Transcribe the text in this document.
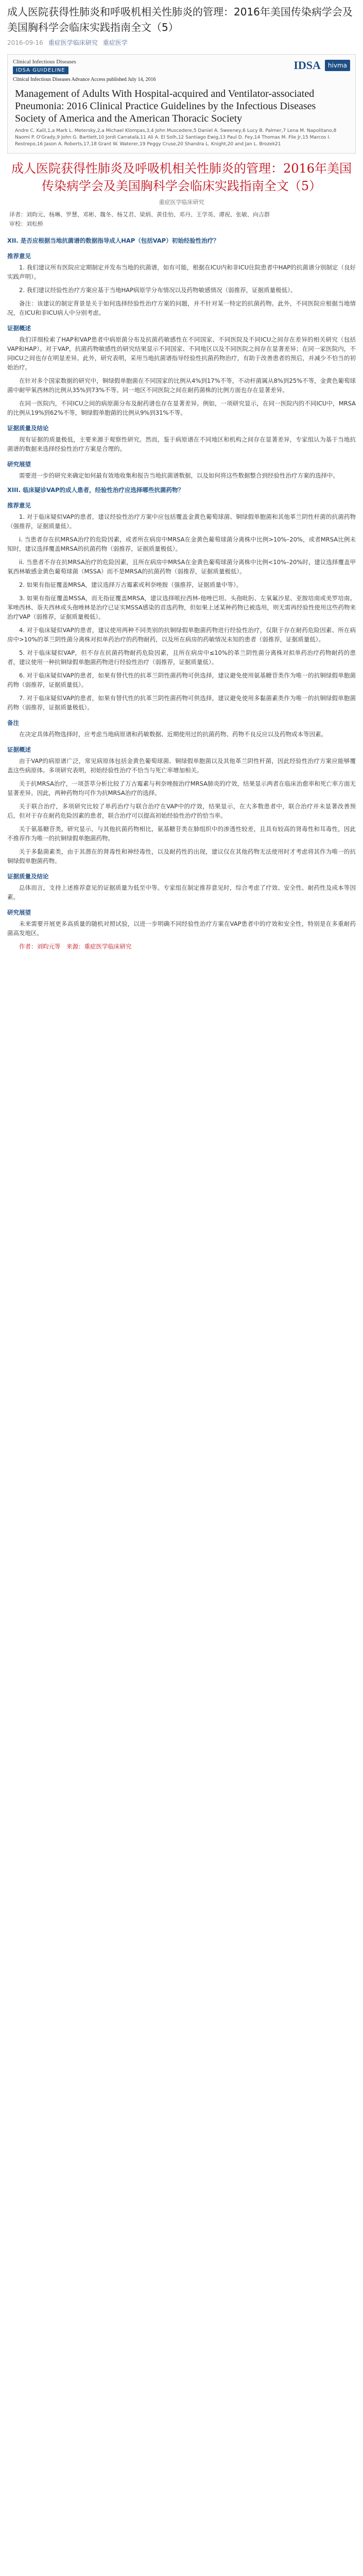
成人医院获得性肺炎和呼吸机相关性肺炎的管理：2016年美国传染病学会及美国胸科学会临床实践指南全文（5）
2016-09-16 重症医学临床研究 重症医学
Clinical Infectious Diseases
IDSA GUIDELINE
Clinical Infectious Diseases Advance Access published July 14, 2016
IDSA	hivma
Management of Adults With Hospital-acquired and Ventilator-associated Pneumonia: 2016 Clinical Practice Guidelines by the Infectious Diseases Society of America and the American Thoracic Society
Andre C. Kalil,1,a Mark L. Metersky,2,a Michael Klompas,3,4 John Muscedere,5 Daniel A. Sweeney,6 Lucy B. Palmer,7 Lena M. Napolitano,8 Naomi P. O'Grady,9 John G. Bartlett,10 Jordi Carratalà,11 Ali A. El Solh,12 Santiago Ewig,13 Paul D. Fey,14 Thomas M. File Jr,15 Marcos I. Restrepo,16 Jason A. Roberts,17,18 Grant W. Waterer,19 Peggy Cruse,20 Shandra L. Knight,20 and Jan L. Brozek21
成人医院获得性肺炎及呼吸机相关性肺炎的管理：2016年美国传染病学会及美国胸科学会临床实践指南全文（5）
重症医学临床研究
译者：刘昀元、杨琳、罗慧、邓彬、魏冬、杨艾君、梁炳、黄佳怡、邓丹、王学英、谭祝、张敏、向吉群
审校：刘松桥
XII. 是否应根据当地抗菌谱的数据指导成人HAP（包括VAP）初始经验性治疗？
推荐意见

1. 我们建议所有医院应定期制定并发布当地的抗菌谱，如有可能，根据在ICU内和非ICU住院患者中HAP的抗菌谱分别制定（良好实践声明）。

2. 我们建议经验性治疗方案应基于当地HAP病原学分布情况以及药物敏感情况（弱推荐，证据质量极低）。

备注：该建议的制定背景是关于如何选择经验性治疗方案的问题，并不针对某一特定的抗菌药物。此外，不同医院应根据当地情况，在ICU和非ICU病人中分别考虑。

证据概述

我们详细检索了HAP和VAP患者中病原菌分布及抗菌药敏感性在不同国家、不同医院及不同ICU之间存在差异的相关研究（包括VAP和HAP）。对于VAP，抗菌药物敏感性的研究结果显示不同国家、不同地区以及不同医院之间存在显著差异；在同一家医院内，不同ICU之间也存在明显差异。此外，研究表明，采用当地抗菌谱指导经验性抗菌药物治疗，有助于改善患者的预后，并减少不恰当的初始治疗。

在针对多个国家数据的研究中，铜绿假单胞菌在不同国家的比例从4%到17%不等，不动杆菌属从8%到25%不等，金黄色葡萄球菌中耐甲氧西林的比例从35%到73%不等。同一地区不同医院之间在耐药菌株的比例方面也存在显著差异。

在同一医院内，不同ICU之间的病原菌分布及耐药谱也存在显著差异。例如，一项研究显示，在同一医院内的不同ICU中，MRSA的比例从19%到62%不等，铜绿假单胞菌的比例从9%到31%不等。

证据质量及结论

现有证据的质量极低，主要来源于观察性研究。然而，鉴于病原谱在不同地区和机构之间存在显著差异，专家组认为基于当地抗菌谱的数据来选择经验性治疗方案是合理的。

研究展望

需要进一步的研究来确定如何最有效地收集和报告当地抗菌谱数据，以及如何将这些数据整合到经验性治疗方案的选择中。

XIII. 临床疑诊VAP的成人患者，经验性治疗应选择哪些抗菌药物？
推荐意见

1. 对于临床疑似VAP的患者，建议经验性治疗方案中应包括覆盖金黄色葡萄球菌、铜绿假单胞菌和其他革兰阴性杆菌的抗菌药物（强推荐，证据质量低）。

i. 当患者存在抗MRSA治疗的危险因素，或者所在病房中MRSA在金黄色葡萄球菌分离株中比例>10%–20%，或者MRSA比例未知时，建议选择覆盖MRSA的抗菌药物（弱推荐，证据质量极低）。

ii. 当患者不存在抗MRSA治疗的危险因素，且所在病房中MRSA在金黄色葡萄球菌分离株中比例<10%–20%时，建议选择覆盖甲氧西林敏感金黄色葡萄球菌（MSSA）而不是MRSA的抗菌药物（弱推荐，证据质量极低）。

2. 如果有指征覆盖MRSA，建议选择万古霉素或利奈唑胺（强推荐，证据质量中等）。

3. 如果有指征覆盖MSSA，而无指征覆盖MRSA，建议选择哌拉西林-他唑巴坦、头孢吡肟、左氧氟沙星、亚胺培南或美罗培南。苯唑西林、萘夫西林或头孢唑林是治疗已证实MSSA感染的首选药物，但如果上述某种药物已被选用，则无需再经验性使用这些药物来治疗VAP（弱推荐，证据质量极低）。

4. 对于临床疑似VAP的患者，建议使用两种不同类别的抗铜绿假单胞菌药物进行经验性治疗，仅限于存在耐药危险因素、所在病房中>10%的革兰阴性菌分离株对拟单药治疗的药物耐药，以及所在病房的药敏情况未知的患者（弱推荐，证据质量低）。

5. 对于临床疑似VAP，但不存在抗菌药物耐药危险因素，且所在病房中≤10%的革兰阴性菌分离株对拟单药治疗药物耐药的患者，建议使用一种抗铜绿假单胞菌药物进行经验性治疗（弱推荐，证据质量低）。

6. 对于临床疑似VAP的患者，如果有替代性的抗革兰阴性菌药物可供选择，建议避免使用氨基糖苷类作为唯一的抗铜绿假单胞菌药物（弱推荐，证据质量低）。

7. 对于临床疑似VAP的患者，如果有替代性的抗革兰阴性菌药物可供选择，建议避免使用多黏菌素类作为唯一的抗铜绿假单胞菌药物（弱推荐，证据质量极低）。

备注

在决定具体药物选择时，应考虑当地病原谱和药敏数据、近期使用过的抗菌药物、药物不良反应以及药物成本等因素。

证据概述

由于VAP的病原谱广泛，常见病原体包括金黄色葡萄球菌、铜绿假单胞菌以及其他革兰阴性杆菌，因此经验性治疗方案应能够覆盖这些病原体。多项研究表明，初始经验性治疗不恰当与死亡率增加相关。

关于抗MRSA治疗，一项荟萃分析比较了万古霉素与利奈唑胺治疗MRSA肺炎的疗效，结果显示两者在临床治愈率和死亡率方面无显著差异。因此，两种药物均可作为抗MRSA治疗的选择。

关于联合治疗，多项研究比较了单药治疗与联合治疗在VAP中的疗效，结果显示，在大多数患者中，联合治疗并未显著改善预后，但对于存在耐药危险因素的患者，联合治疗可以提高初始经验性治疗的恰当率。

关于氨基糖苷类，研究显示，与其他抗菌药物相比，氨基糖苷类在肺组织中的渗透性较差，且具有较高的肾毒性和耳毒性，因此不推荐作为唯一的抗铜绿假单胞菌药物。

关于多黏菌素类，由于其潜在的肾毒性和神经毒性，以及耐药性的出现，建议仅在其他药物无法使用时才考虑将其作为唯一的抗铜绿假单胞菌药物。

证据质量及结论

总体而言，支持上述推荐意见的证据质量为低至中等。专家组在制定推荐意见时，综合考虑了疗效、安全性、耐药性及成本等因素。

研究展望

未来需要开展更多高质量的随机对照试验，以进一步明确不同经验性治疗方案在VAP患者中的疗效和安全性，特别是在多重耐药菌高发地区。

作者：刘昀元等　来源：重症医学临床研究
